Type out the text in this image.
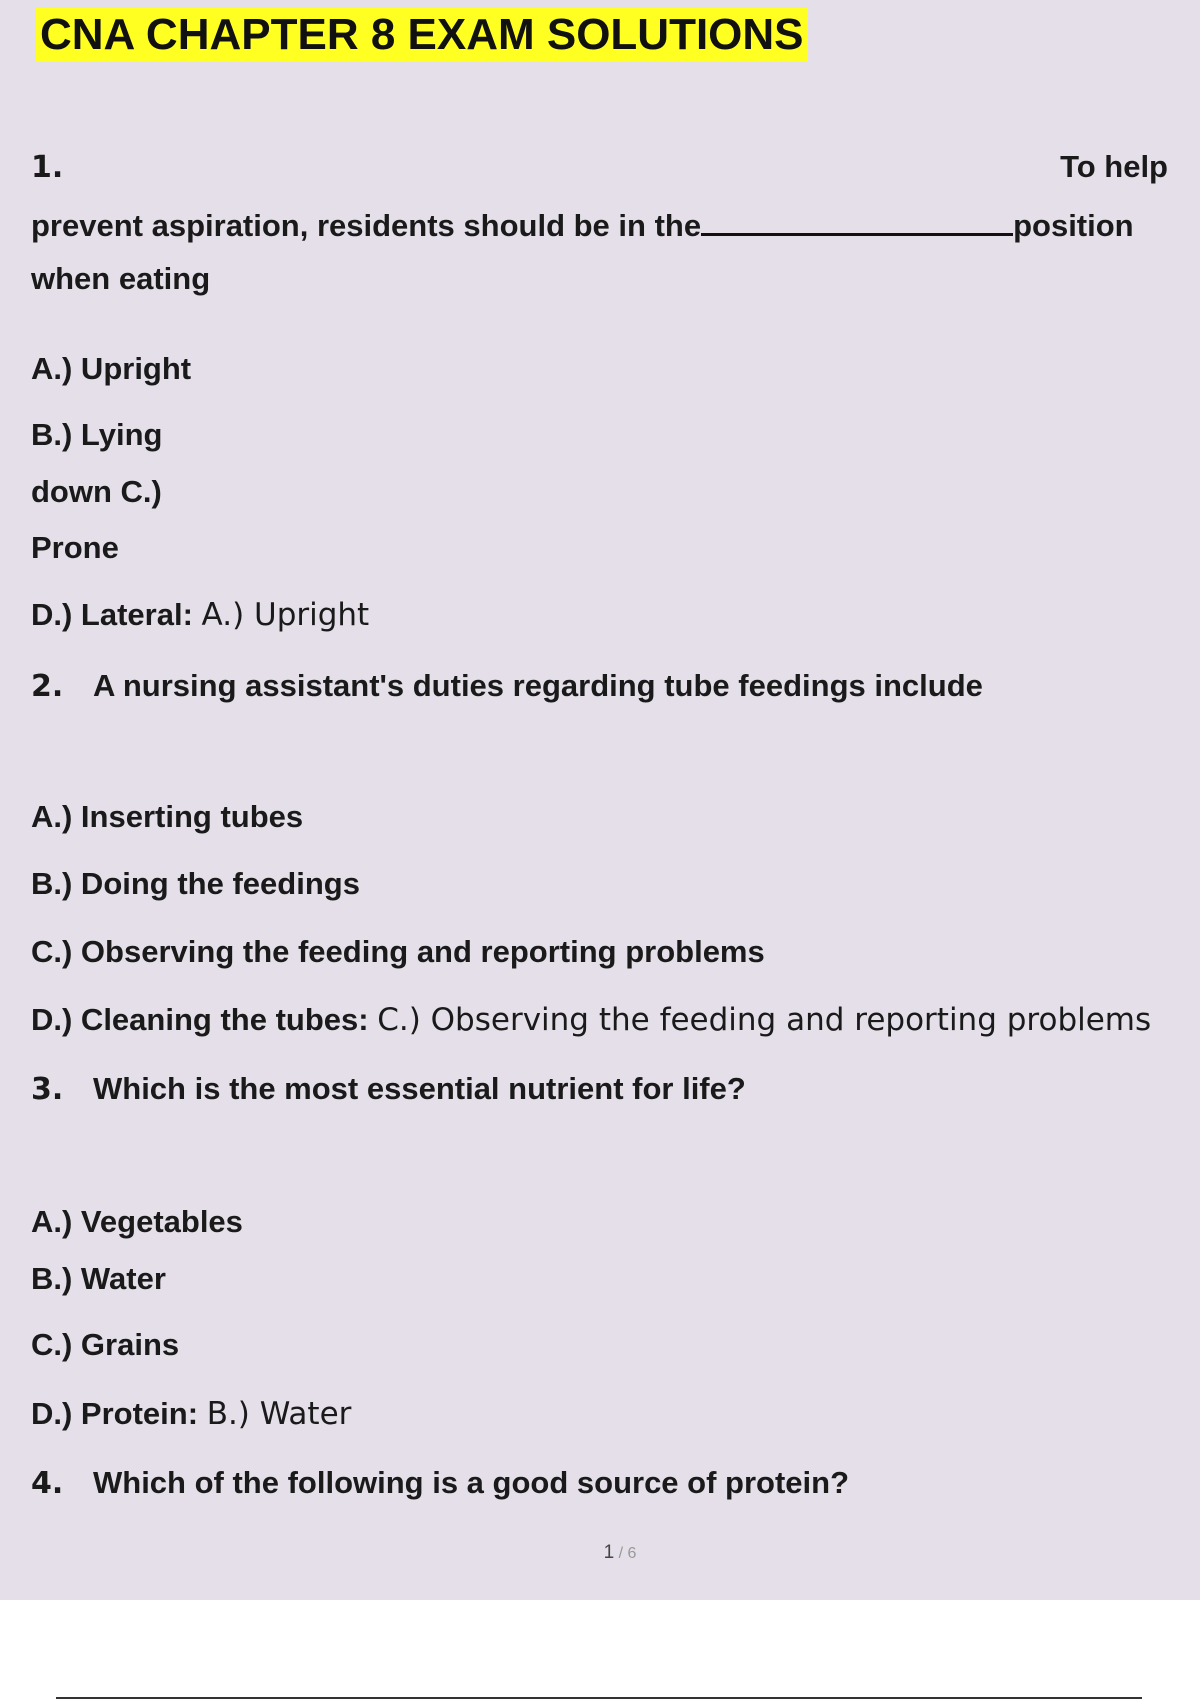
CNA CHAPTER 8 EXAM SOLUTIONS
1.	To help
prevent aspiration, residents should be in the	position
when eating
A.) Upright
B.) Lying
down C.)
Prone
D.) Lateral: A.) Upright
2. A nursing assistant's duties regarding tube feedings include
A.) Inserting tubes
B.) Doing the feedings
C.) Observing the feeding and reporting problems
D.) Cleaning the tubes: C.) Observing the feeding and reporting problems
3. Which is the most essential nutrient for life?
A.) Vegetables
B.) Water
C.) Grains
D.) Protein: B.) Water
4. Which of the following is a good source of protein?
1 / 6
